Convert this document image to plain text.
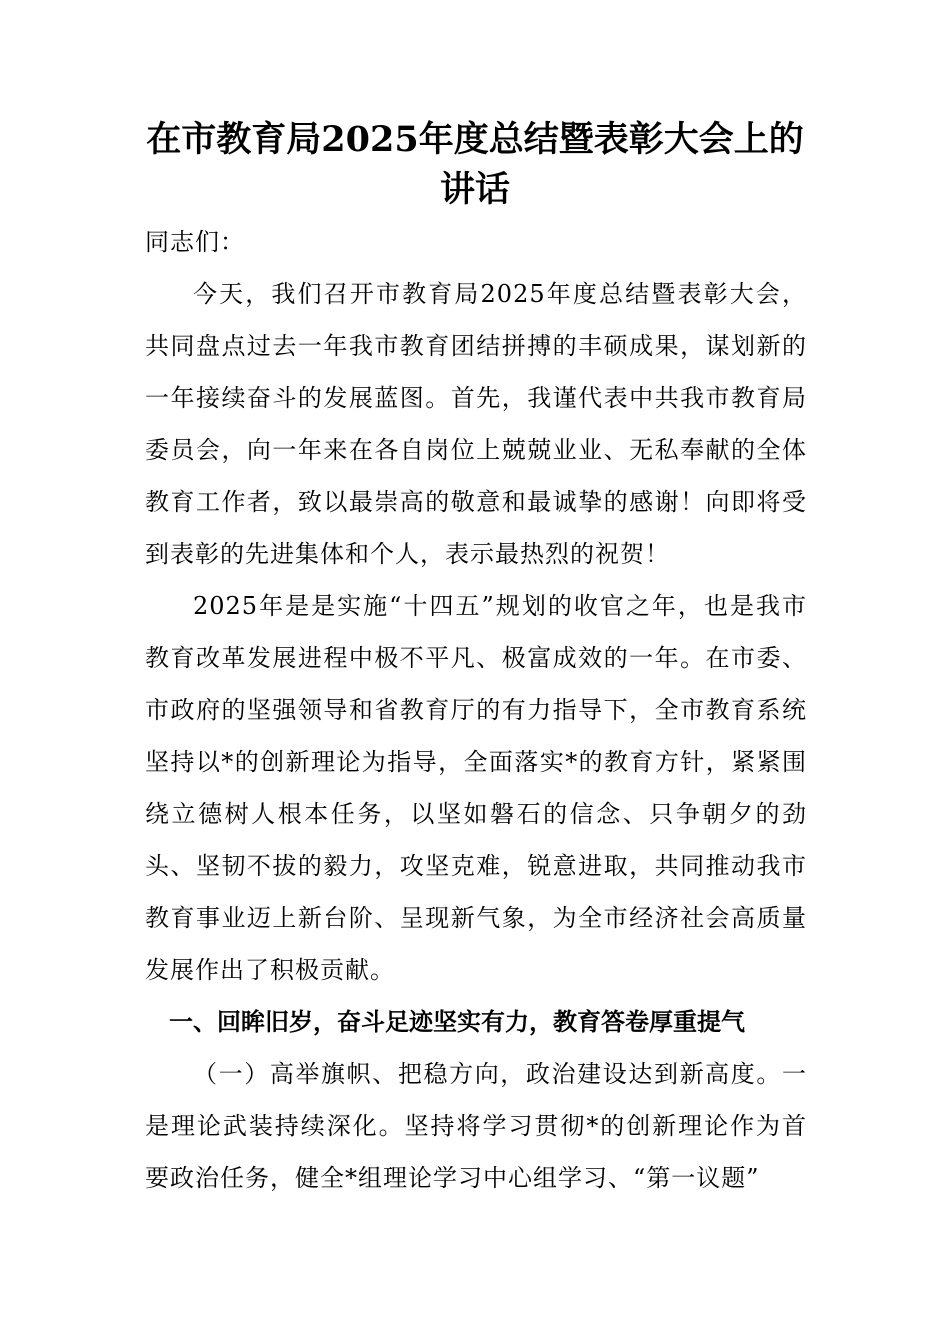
在市教育局2025年度总结暨表彰大会上的
讲话

同志们：

今天，我们召开市教育局2025年度总结暨表彰大会，共同盘点过去一年我市教育团结拼搏的丰硕成果，谋划新的一年接续奋斗的发展蓝图。首先，我谨代表中共我市教育局委员会，向一年来在各自岗位上兢兢业业、无私奉献的全体教育工作者，致以最崇高的敬意和最诚挚的感谢！向即将受到表彰的先进集体和个人，表示最热烈的祝贺！

2025年是是实施“十四五”规划的收官之年，也是我市教育改革发展进程中极不平凡、极富成效的一年。在市委、市政府的坚强领导和省教育厅的有力指导下，全市教育系统坚持以*的创新理论为指导，全面落实*的教育方针，紧紧围绕立德树人根本任务，以坚如磐石的信念、只争朝夕的劲头、坚韧不拔的毅力，攻坚克难，锐意进取，共同推动我市教育事业迈上新台阶、呈现新气象，为全市经济社会高质量发展作出了积极贡献。

一、回眸旧岁，奋斗足迹坚实有力，教育答卷厚重提气

（一）高举旗帜、把稳方向，政治建设达到新高度。一是理论武装持续深化。坚持将学习贯彻*的创新理论作为首要政治任务，健全*组理论学习中心组学习、“第一议题”
